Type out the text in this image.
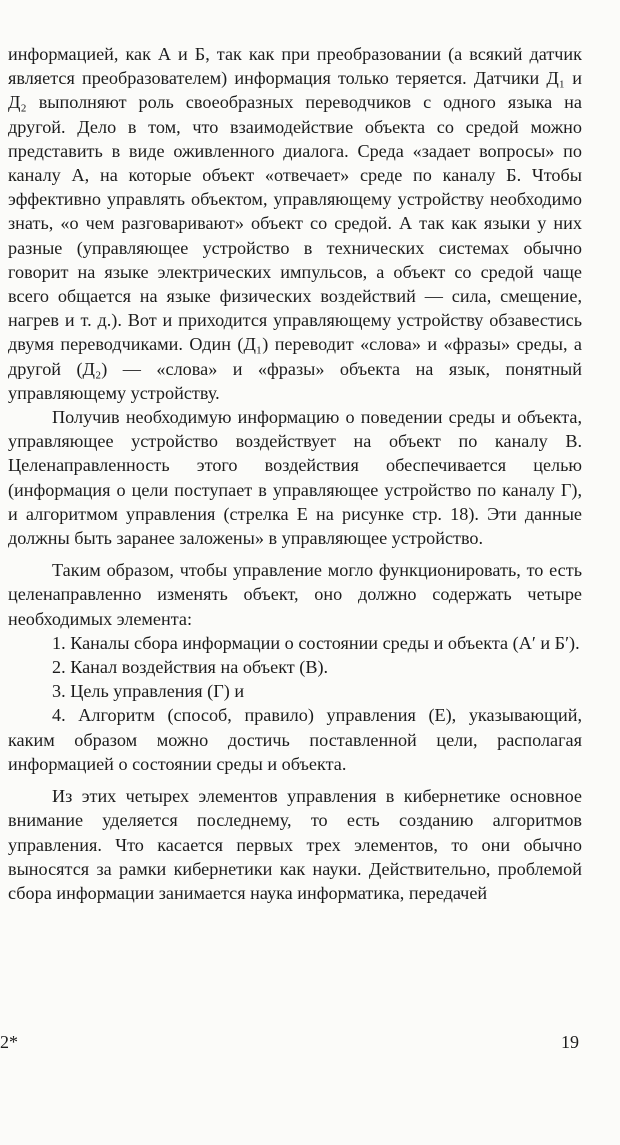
информацией, как А и Б, так как при преобразовании (а всякий датчик является преобразователем) информация только теряется. Датчики Д₁ и Д₂ выполняют роль своеобразных переводчиков с одного языка на другой. Дело в том, что взаимодействие объекта со средой можно представить в виде оживленного диалога. Среда «задает вопросы» по каналу А, на которые объект «отвечает» среде по каналу Б. Чтобы эффективно управлять объектом, управляющему устройству необходимо знать, «о чем разговаривают» объект со средой. А так как языки у них разные (управляющее устройство в технических системах обычно говорит на языке электрических импульсов, а объект со средой чаще всего общается на языке физических воздействий — сила, смещение, нагрев и т. д.). Вот и приходится управляющему устройству обзавестись двумя переводчиками. Один (Д₁) переводит «слова» и «фразы» среды, а другой (Д₂) — «слова» и «фразы» объекта на язык, понятный управляющему устройству.

Получив необходимую информацию о поведении среды и объекта, управляющее устройство воздействует на объект по каналу В. Целенаправленность этого воздействия обеспечивается целью (информация о цели поступает в управляющее устройство по каналу Г), и алгоритмом управления (стрелка Е на рисунке стр. 18). Эти данные должны быть заранее заложены» в управляющее устройство.

Таким образом, чтобы управление могло функционировать, то есть целенаправленно изменять объект, оно должно содержать четыре необходимых элемента:

1. Каналы сбора информации о состоянии среды и объекта (А′ и Б′).

2. Канал воздействия на объект (В).

3. Цель управления (Г) и

4. Алгоритм (способ, правило) управления (Е), указывающий, каким образом можно достичь поставленной цели, располагая информацией о состоянии среды и объекта.

Из этих четырех элементов управления в кибернетике основное внимание уделяется последнему, то есть созданию алгоритмов управления. Что касается первых трех элементов, то они обычно выносятся за рамки кибернетики как науки. Действительно, проблемой сбора информации занимается наука информатика, передачей

2*	19
